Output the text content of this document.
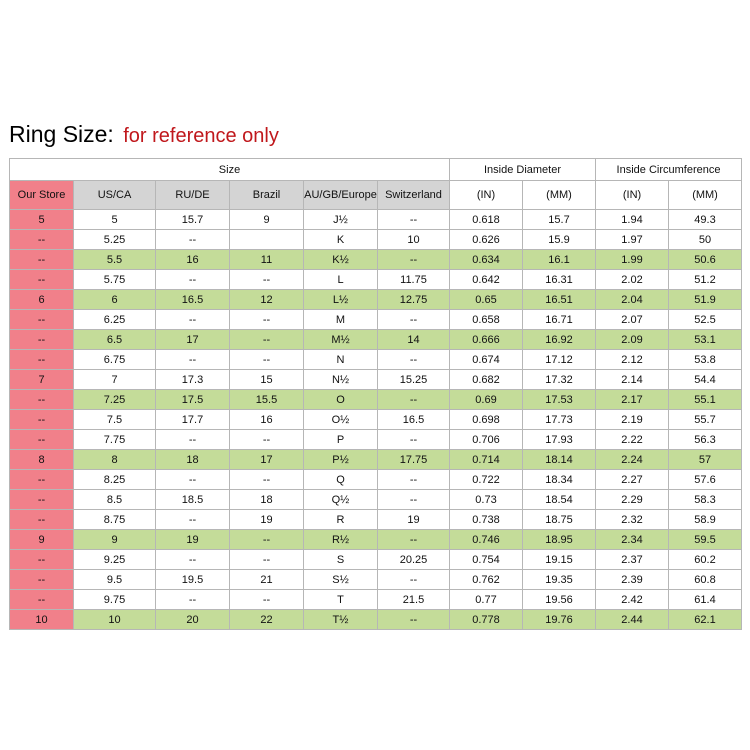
Ring Size: for reference only
Size						Inside Diameter		Inside Circumference	
Our Store	US/CA	RU/DE	Brazil	AU/GB/Europe	Switzerland	(IN)	(MM)	(IN)	(MM)
5	5	15.7	9	J½	--	0.618	15.7	1.94	49.3
--	5.25	--		K	10	0.626	15.9	1.97	50
--	5.5	16	11	K½	--	0.634	16.1	1.99	50.6
--	5.75	--	--	L	11.75	0.642	16.31	2.02	51.2
6	6	16.5	12	L½	12.75	0.65	16.51	2.04	51.9
--	6.25	--	--	M	--	0.658	16.71	2.07	52.5
--	6.5	17	--	M½	14	0.666	16.92	2.09	53.1
--	6.75	--	--	N	--	0.674	17.12	2.12	53.8
7	7	17.3	15	N½	15.25	0.682	17.32	2.14	54.4
--	7.25	17.5	15.5	O	--	0.69	17.53	2.17	55.1
--	7.5	17.7	16	O½	16.5	0.698	17.73	2.19	55.7
--	7.75	--	--	P	--	0.706	17.93	2.22	56.3
8	8	18	17	P½	17.75	0.714	18.14	2.24	57
--	8.25	--	--	Q	--	0.722	18.34	2.27	57.6
--	8.5	18.5	18	Q½	--	0.73	18.54	2.29	58.3
--	8.75	--	19	R	19	0.738	18.75	2.32	58.9
9	9	19	--	R½	--	0.746	18.95	2.34	59.5
--	9.25	--	--	S	20.25	0.754	19.15	2.37	60.2
--	9.5	19.5	21	S½	--	0.762	19.35	2.39	60.8
--	9.75	--	--	T	21.5	0.77	19.56	2.42	61.4
10	10	20	22	T½	--	0.778	19.76	2.44	62.1
